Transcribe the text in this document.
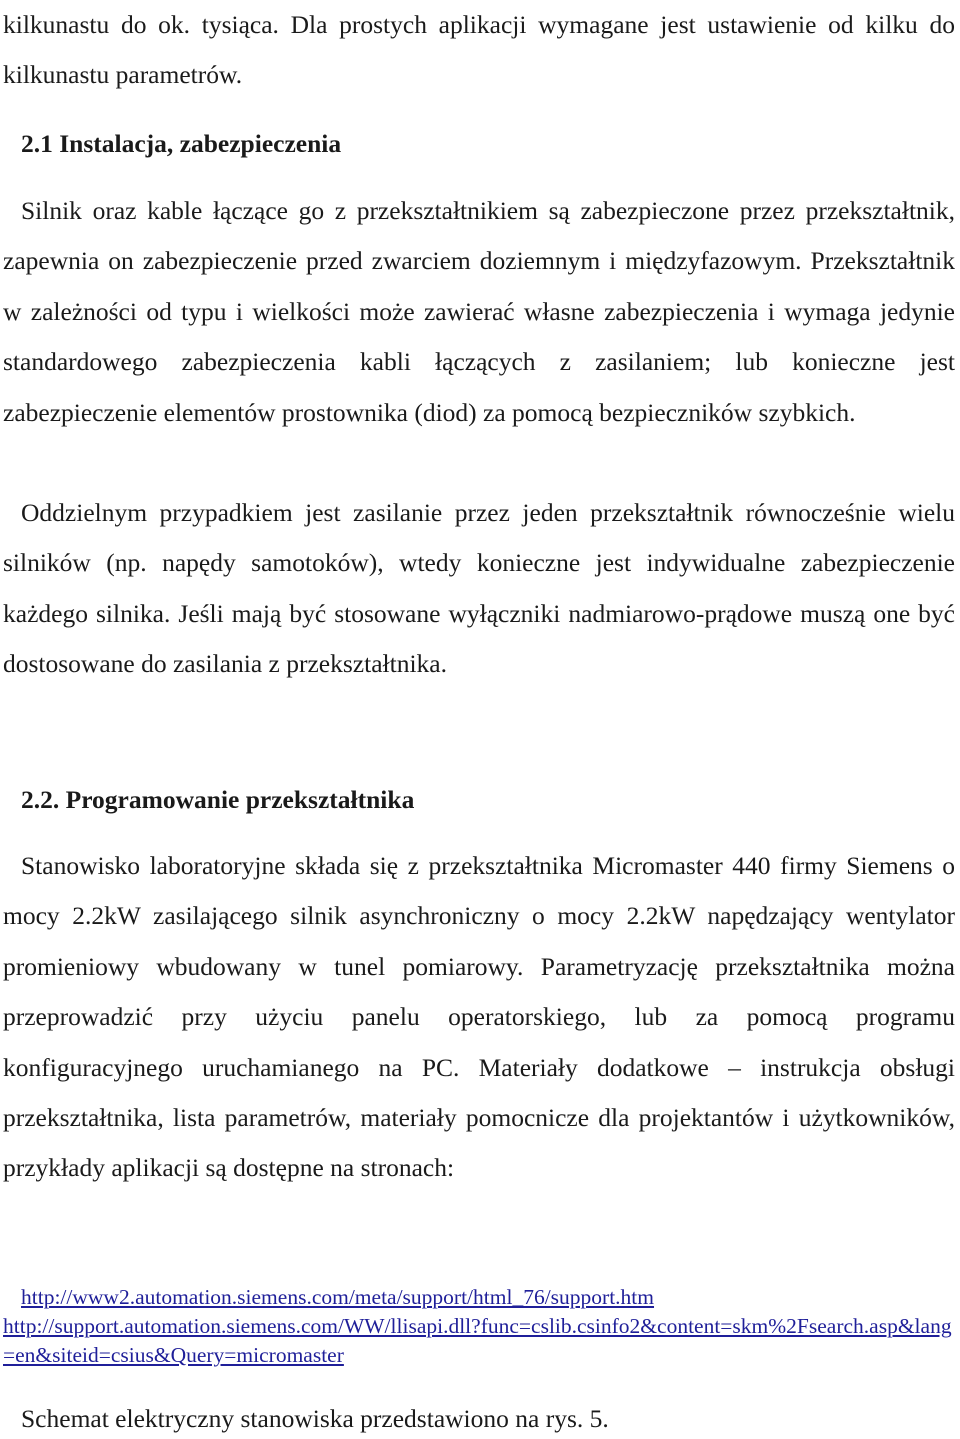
kilkunastu do ok. tysiąca. Dla prostych aplikacji wymagane jest ustawienie od kilku do kilkunastu parametrów.

2.1 Instalacja, zabezpieczenia

Silnik oraz kable łączące go z przekształtnikiem są zabezpieczone przez przekształtnik, zapewnia on zabezpieczenie przed zwarciem doziemnym i międzyfazowym. Przekształtnik w zależności od typu i wielkości może zawierać własne zabezpieczenia i wymaga jedynie standardowego zabezpieczenia kabli łączących z zasilaniem; lub konieczne jest zabezpieczenie elementów prostownika (diod) za pomocą bezpieczników szybkich.

Oddzielnym przypadkiem jest zasilanie przez jeden przekształtnik równocześnie wielu silników (np. napędy samotoków), wtedy konieczne jest indywidualne zabezpieczenie każdego silnika. Jeśli mają być stosowane wyłączniki nadmiarowo-prądowe muszą one być dostosowane do zasilania z przekształtnika.

2.2. Programowanie przekształtnika

Stanowisko laboratoryjne składa się z przekształtnika Micromaster 440 firmy Siemens o mocy 2.2kW zasilającego silnik asynchroniczny o mocy 2.2kW napędzający wentylator promieniowy wbudowany w tunel pomiarowy. Parametryzację przekształtnika można przeprowadzić przy użyciu panelu operatorskiego, lub za pomocą programu konfiguracyjnego uruchamianego na PC. Materiały dodatkowe – instrukcja obsługi przekształtnika, lista parametrów, materiały pomocnicze dla projektantów i użytkowników, przykłady aplikacji są dostępne na stronach:

http://www2.automation.siemens.com/meta/support/html_76/support.htm
http://support.automation.siemens.com/WW/llisapi.dll?func=cslib.csinfo2&content=skm%2Fsearch.asp&lang=en&siteid=csius&Query=micromaster

Schemat elektryczny stanowiska przedstawiono na rys. 5.
